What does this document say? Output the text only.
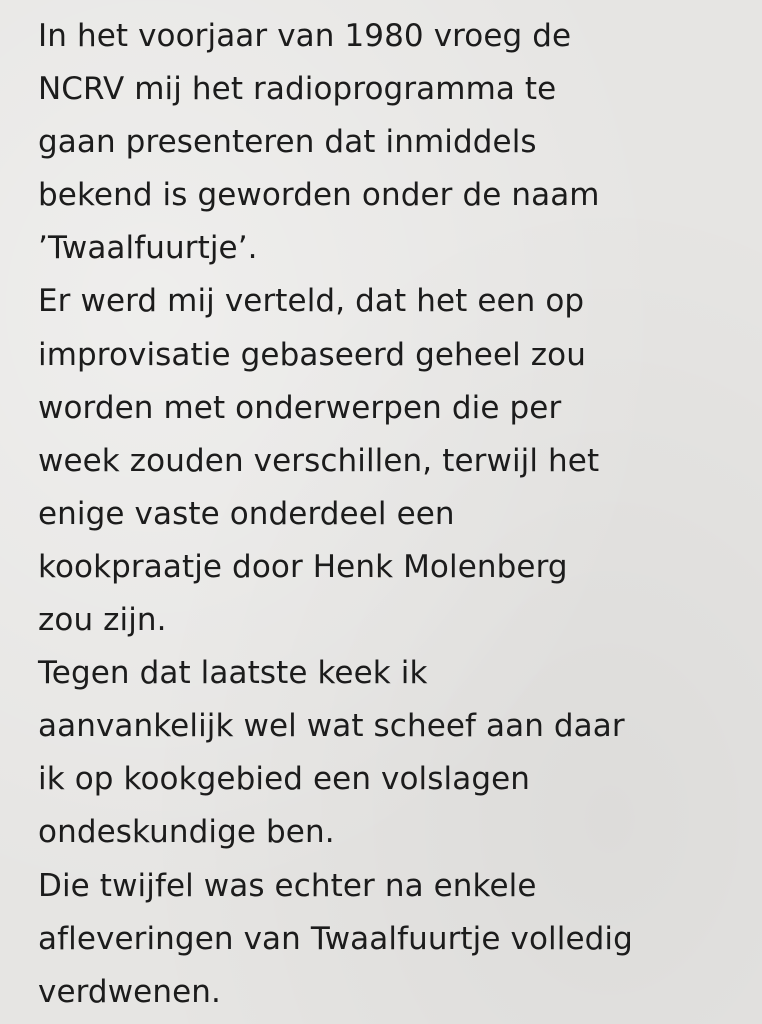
In het voorjaar van 1980 vroeg de
NCRV mij het radioprogramma te
gaan presenteren dat inmiddels
bekend is geworden onder de naam
’Twaalfuurtje’.
Er werd mij verteld, dat het een op
improvisatie gebaseerd geheel zou
worden met onderwerpen die per
week zouden verschillen, terwijl het
enige vaste onderdeel een
kookpraatje door Henk Molenberg
zou zijn.
Tegen dat laatste keek ik
aanvankelijk wel wat scheef aan daar
ik op kookgebied een volslagen
ondeskundige ben.
Die twijfel was echter na enkele
afleveringen van Twaalfuurtje volledig
verdwenen.
